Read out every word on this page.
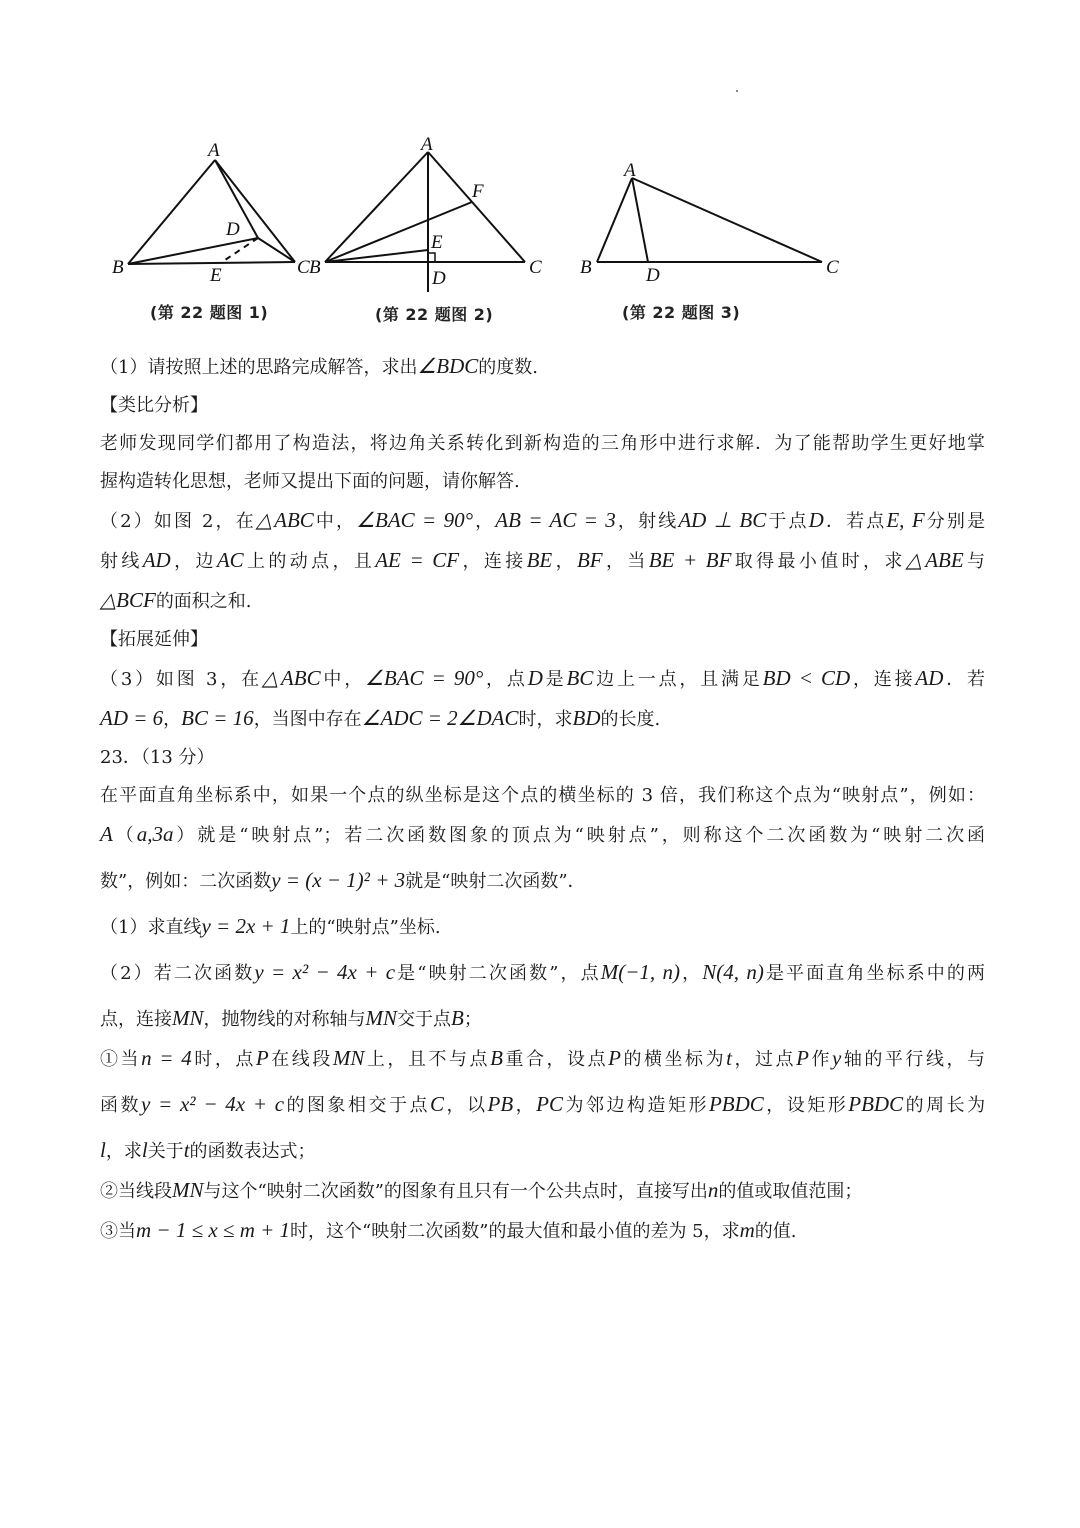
A
B	C
D
E
A
B	C
D
E
F
A
B	C
D
(第 22 题图 1)	(第 22 题图 2)	(第 22 题图 3)

（1）请按照上述的思路完成解答，求出∠BDC的度数.

【类比分析】

老师发现同学们都用了构造法，将边角关系转化到新构造的三角形中进行求解．为了能帮助学生更好地掌

握构造转化思想，老师又提出下面的问题，请你解答.

（2）如图 2，在△ABC中，∠BAC = 90°，AB = AC = 3，射线AD ⊥ BC于点D．若点E, F分别是

射线AD，边AC上的动点，且AE = CF，连接BE，BF，当BE + BF取得最小值时，求△ABE与

△BCF的面积之和.

【拓展延伸】

（3）如图 3，在△ABC中，∠BAC = 90°，点D是BC边上一点，且满足BD < CD，连接AD．若

AD = 6，BC = 16，当图中存在∠ADC = 2∠DAC时，求BD的长度.

23．（13 分）

在平面直角坐标系中，如果一个点的纵坐标是这个点的横坐标的 3 倍，我们称这个点为“映射点”，例如：

A（a,3a）就是“映射点”；若二次函数图象的顶点为“映射点”，则称这个二次函数为“映射二次函

数”，例如：二次函数y = (x − 1)² + 3就是“映射二次函数”．

（1）求直线y = 2x + 1上的“映射点”坐标.

（2）若二次函数y = x² − 4x + c是“映射二次函数”，点M(−1, n)，N(4, n)是平面直角坐标系中的两

点，连接MN，抛物线的对称轴与MN交于点B；

①当n = 4时，点P在线段MN上，且不与点B重合，设点P的横坐标为t，过点P作y轴的平行线，与

函数y = x² − 4x + c的图象相交于点C，以PB，PC为邻边构造矩形PBDC，设矩形PBDC的周长为

l，求l关于t的函数表达式；

②当线段MN与这个“映射二次函数”的图象有且只有一个公共点时，直接写出n的值或取值范围；

③当m − 1 ≤ x ≤ m + 1时，这个“映射二次函数”的最大值和最小值的差为 5，求m的值.
